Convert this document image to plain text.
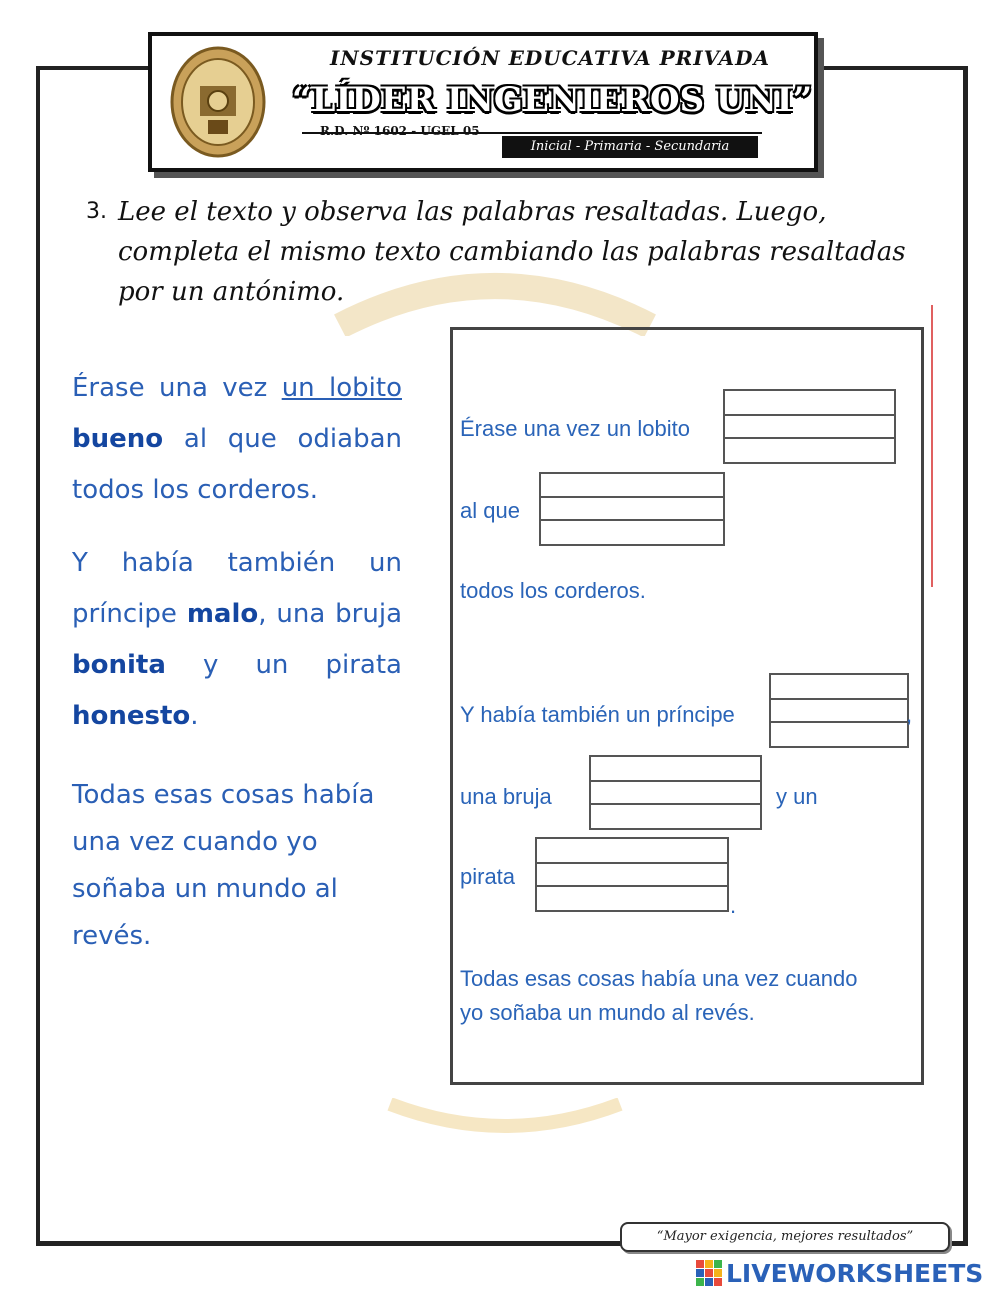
INSTITUCIÓN EDUCATIVA PRIVADA
“LÍDER INGENIEROS UNI”
R.D. Nº 1602 - UGEL 05
Inicial - Primaria - Secundaria
3. Lee el texto y observa las palabras resaltadas. Luego, completa el mismo texto cambiando las palabras resaltadas por un antónimo.
Érase una vez un lobito bueno al que odiaban todos los corderos.
Y había también un príncipe malo, una bruja bonita y un pirata honesto.
Todas esas cosas había una vez cuando yo soñaba un mundo al revés.
Érase una vez un lobito
al que
todos los corderos.
Y había también un príncipe	,
una bruja	y un
pirata
.
Todas esas cosas había una vez cuando
yo soñaba un mundo al revés.
“Mayor exigencia, mejores resultados”
LIVEWORKSHEETS
